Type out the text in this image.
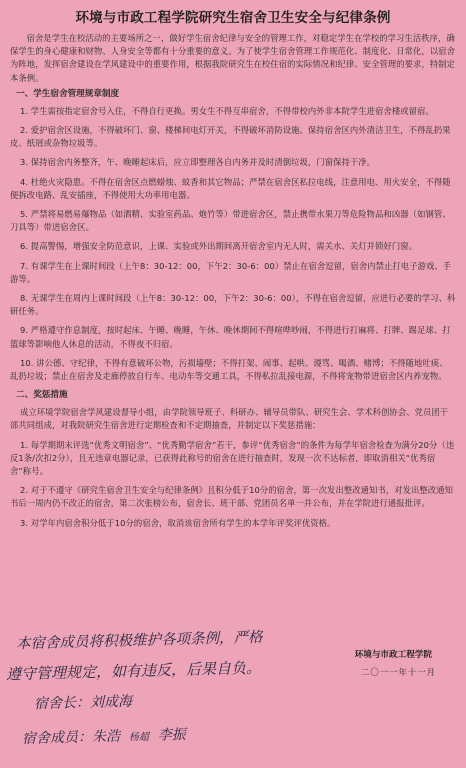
环境与市政工程学院研究生宿舍卫生安全与纪律条例

宿舍是学生在校活动的主要场所之一，做好学生宿舍纪律与安全的管理工作，对稳定学生在学校的学习生活秩序，确保学生的身心健康和财物、人身安全等都有十分重要的意义。为了使学生宿舍管理工作规范化、制度化、日常化，以宿舍为阵地，发挥宿舍建设在学风建设中的重要作用，根据我院研究生在校住宿的实际情况和纪律、安全管理的要求，特制定本条例。

一、学生宿舍管理规章制度

1. 学生需按指定宿舍号入住，不得自行更换。男女生不得互串宿舍，不得带校内外非本院学生进宿舍楼或留宿。

2. 爱护宿舍区设施，不得破坏门、窗、楼梯间电灯开关，不得破坏消防设施。保持宿舍区内外清洁卫生，不得乱扔果皮、纸屑或杂物垃圾等。

3. 保持宿舍内务整齐，午、晚睡起床后，应立即整理各自内务并及时清倒垃圾，门窗保持干净。

4. 杜绝火灾隐患。不得在宿舍区点燃蜡烛、蚊香和其它物品；严禁在宿舍区私拉电线，注意用电、用火安全，不得随便拆改电路、乱安插座，不得使用大功率用电器。

5. 严禁将易燃易爆物品（如酒精、实验室药品、炮竹等）带进宿舍区，禁止携带水果刀等危险物品和凶器（如钢管、刀具等）带进宿舍区。

6. 提高警惕，增强安全防范意识，上课、实验或外出期间离开宿舍室内无人时，需关水、关灯并锁好门窗。

7. 有课学生在上课时间段（上午8：30-12：00，下午2：30-6：00）禁止在宿舍逗留，宿舍内禁止打电子游戏、手游等。

8. 无课学生在周内上课时间段（上午8：30-12：00，下午2：30-6：00），不得在宿舍逗留，应进行必要的学习、科研任务。

9. 严格遵守作息制度，按时起床、午睡、晚睡，午休、晚休期间不得喧哗吵闹，不得进行打麻将、打牌、踢足球、打篮球等影响他人休息的活动，不得夜不归宿。

10. 讲公德、守纪律，不得有意破坏公物，污损墙壁；不得打架、闹事、起哄、谩骂、喝酒、赌博；不得随地吐痰、乱扔垃圾；禁止在宿舍及走廊停放自行车、电动车等交通工具，不得私拉乱接电源，不得将宠物带进宿舍区内养宠物。

二、奖惩措施

成立环境学院宿舍学风建设督导小组，由学院领导班子、科研办、辅导员带队、研究生会、学术科创协会、党员团干部共同组成，对我院研究生宿舍进行定期检查和不定期抽查，并制定以下奖惩措施：

1. 每学期期末评选“优秀文明宿舍”、“优秀勤学宿舍”若干，参评“优秀宿舍”的条件为每学年宿舍检查为满分20分（违反1条/次扣2分），且无违章电器记录，已获得此称号的宿舍在进行抽查时，发现一次不达标者，即取消相关“优秀宿舍”称号。

2. 对于不遵守《研究生宿舍卫生安全与纪律条例》且积分低于10分的宿舍，第一次发出整改通知书，对发出整改通知书后一周内仍不改正的宿舍，第二次张榜公布，宿舍长、班干部、党团员名单一并公布，并在学院进行通报批评。

3. 对学年内宿舍积分低于10分的宿舍，取消该宿舍所有学生的本学年评奖评优资格。

本宿舍成员将积极维护各项条例，严格
遵守管理规定，如有违反，后果自负。
宿舍长：刘成海
宿舍成员：朱浩 杨超 李振
环境与市政工程学院
二〇一一年十一月
